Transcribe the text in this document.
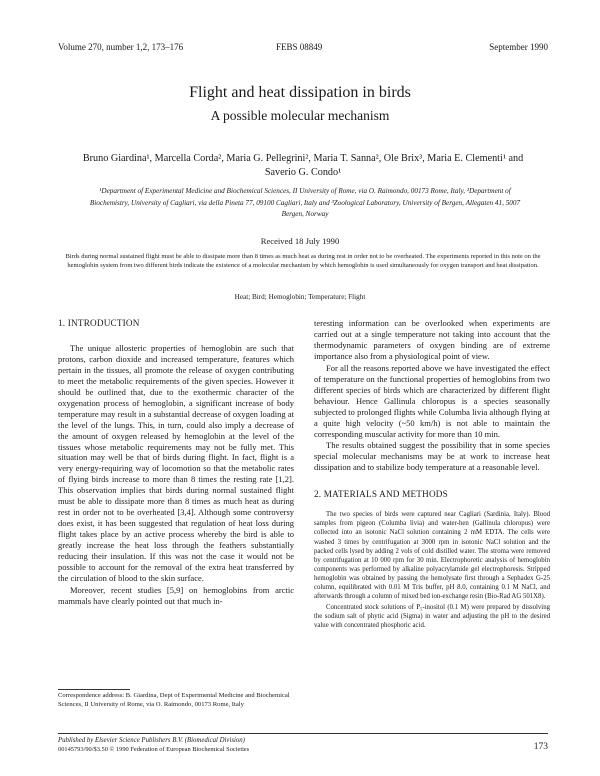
Volume 270, number 1,2, 173–176	FEBS 08849	September 1990
Flight and heat dissipation in birds
A possible molecular mechanism
Bruno Giardina¹, Marcella Corda², Maria G. Pellegrini², Maria T. Sanna², Ole Brix³, Maria E. Clementi¹ and Saverio G. Condo¹
¹Department of Experimental Medicine and Biochemical Sciences, II University of Rome, via O. Raimondo, 00173 Rome, Italy, ²Department of Biochemistry, University of Cagliari, via della Pineta 77, 09100 Cagliari, Italy and ³Zoological Laboratory, University of Bergen, Allegaten 41, 5007 Bergen, Norway
Received 18 July 1990
Birds during normal sustained flight must be able to dissipate more than 8 times as much heat as during rest in order not to be overheated. The experiments reported in this note on the hemoglobin system from two different birds indicate the existence of a molecular mechanism by which hemoglobin is used simultaneously for oxygen transport and heat dissipation.
Heat; Bird; Hemoglobin; Temperature; Flight
1. INTRODUCTION

The unique allosteric properties of hemoglobin are such that protons, carbon dioxide and increased temperature, features which pertain in the tissues, all promote the release of oxygen contributing to meet the metabolic requirements of the given species. However it should be outlined that, due to the exothermic character of the oxygenation process of hemoglobin, a significant increase of body temperature may result in a substantial decrease of oxygen loading at the level of the lungs. This, in turn, could also imply a decrease of the amount of oxygen released by hemoglobin at the level of the tissues whose metabolic requirements may not be fully met. This situation may well be that of birds during flight. In fact, flight is a very energy-requiring way of locomotion so that the metabolic rates of flying birds increase to more than 8 times the resting rate [1,2]. This observation implies that birds during normal sustained flight must be able to dissipate more than 8 times as much heat as during rest in order not to be overheated [3,4]. Although some controversy does exist, it has been suggested that regulation of heat loss during flight takes place by an active process whereby the bird is able to greatly increase the heat loss through the feathers substantially reducing their insulation. If this was not the case it would not be possible to account for the removal of the extra heat transferred by the circulation of blood to the skin surface.

Moreover, recent studies [5,9] on hemoglobins from arctic mammals have clearly pointed out that much in-

teresting information can be overlooked when experiments are carried out at a single temperature not taking into account that the thermodynamic parameters of oxygen binding are of extreme importance also from a physiological point of view.

For all the reasons reported above we have investigated the effect of temperature on the functional properties of hemoglobins from two different species of birds which are characterized by different flight behaviour. Hence Gallinula chloropus is a species seasonally subjected to prolonged flights while Columba livia although flying at a quite high velocity (~50 km/h) is not able to maintain the corresponding muscular activity for more than 10 min.

The results obtained suggest the possibility that in some species special molecular mechanisms may be at work to increase heat dissipation and to stabilize body temperature at a reasonable level.

2. MATERIALS AND METHODS

The two species of birds were captured near Cagliari (Sardinia, Italy). Blood samples from pigeon (Columba livia) and water-hen (Gallinula chloropus) were collected into an isotonic NaCl solution containing 2 mM EDTA. The cells were washed 3 times by centrifugation at 3000 rpm in isotonic NaCl solution and the packed cells lysed by adding 2 vols of cold distilled water. The stroma were removed by centrifugation at 10 000 rpm for 30 min. Electrophoretic analysis of hemoglobin components was performed by alkaline polyacrylamide gel electrophoresis. Stripped hemoglobin was obtained by passing the hemolysate first through a Sephadex G-25 column, equilibrated with 0.01 M Tris buffer, pH 8.0, containing 0.1 M NaCl, and afterwards through a column of mixed bed ion-exchange resin (Bio-Rad AG 501X8).

Concentrated stock solutions of P₅-inositol (0.1 M) were prepared by dissolving the sodium salt of phytic acid (Sigma) in water and adjusting the pH to the desired value with concentrated phosphoric acid.

Correspondence address: B. Giardina, Dept of Experimental Medicine and Biochemical Sciences, II University of Rome, via O. Raimondo, 00173 Rome, Italy
Published by Elsevier Science Publishers B.V. (Biomedical Division)
00145793/90/$3.50 © 1990 Federation of European Biochemical Societies	173
